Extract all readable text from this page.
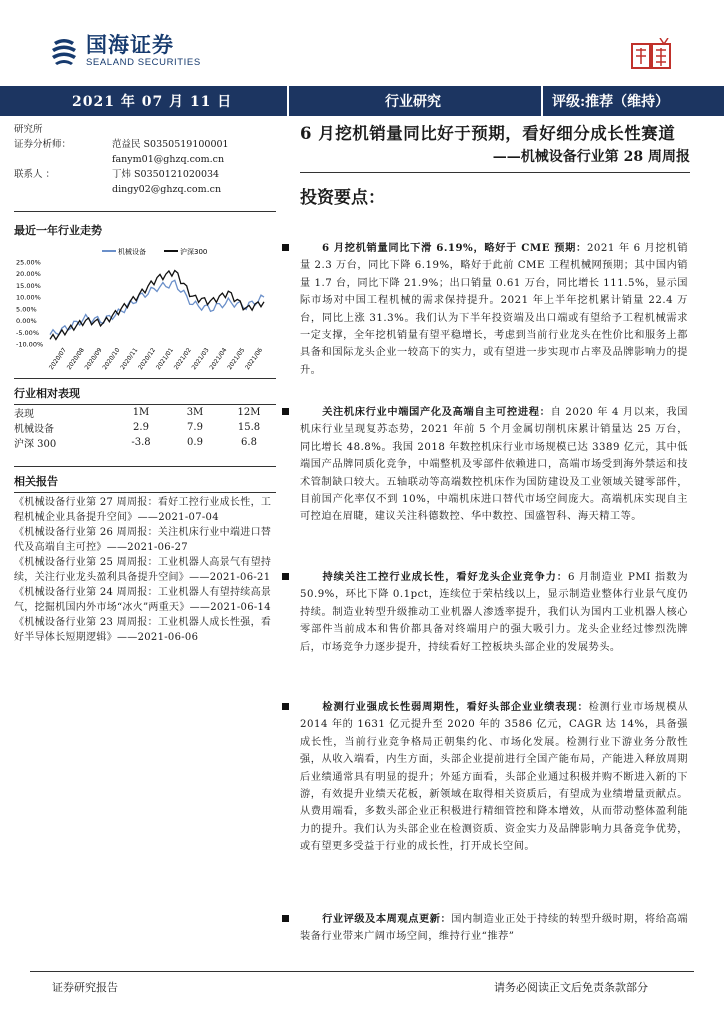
国海证券
SEALAND SECURITIES
2021 年 07 月 11 日	行业研究	评级:推荐（维持）
研究所
证券分析师：	范益民 S0350519100001
fanym01@ghzq.com.cn
联系人 ：	丁炜 S0350121020034
dingy02@ghzq.com.cn
最近一年行业走势
机械设备	沪深300
25.00%
20.00%
15.00%
10.00%
5.00%
0.00%
-5.00%
-10.00%
2020/07
2020/08
2020/09
2020/10
2020/11
2020/12
2021/01
2021/02
2021/03
2021/04
2021/05
2021/06
行业相对表现
表现	1M	3M	12M
机械设备	2.9	7.9	15.8
沪深 300	-3.8	0.9	6.8
相关报告
《机械设备行业第 27 周周报：看好工控行业成长性，工程机械企业具备提升空间》——2021-07-04
《机械设备行业第 26 周周报：关注机床行业中端进口替代及高端自主可控》——2021-06-27
《机械设备行业第 25 周周报：工业机器人高景气有望持续，关注行业龙头盈利具备提升空间》——2021-06-21
《机械设备行业第 24 周周报：工业机器人有望持续高景气，挖掘机国内外市场“冰火”两重天》——2021-06-14
《机械设备行业第 23 周周报：工业机器人成长性强，看好半导体长短期逻辑》——2021-06-06
6 月挖机销量同比好于预期，看好细分成长性赛道
——机械设备行业第 28 周周报
投资要点：
6 月挖机销量同比下滑 6.19%，略好于 CME 预期：2021 年 6 月挖机销量 2.3 万台，同比下降 6.19%，略好于此前 CME 工程机械网预期；其中国内销量 1.7 台，同比下降 21.9%；出口销量 0.61 万台，同比增长 111.5%，显示国际市场对中国工程机械的需求保持提升。2021 年上半年挖机累计销量 22.4 万台，同比上涨 31.3%。我们认为下半年投资端及出口端或有望给予工程机械需求一定支撑，全年挖机销量有望平稳增长，考虑到当前行业龙头在性价比和服务上都具备和国际龙头企业一较高下的实力，或有望进一步实现市占率及品牌影响力的提升。
关注机床行业中端国产化及高端自主可控进程：自 2020 年 4 月以来，我国机床行业呈现复苏态势，2021 年前 5 个月金属切削机床累计销量达 25 万台，同比增长 48.8%。我国 2018 年数控机床行业市场规模已达 3389 亿元，其中低端国产品牌同质化竞争，中端整机及零部件依赖进口，高端市场受到海外禁运和技术管制缺口较大。五轴联动等高端数控机床作为国防建设及工业领域关键零部件，目前国产化率仅不到 10%，中端机床进口替代市场空间庞大。高端机床实现自主可控迫在眉睫，建议关注科德数控、华中数控、国盛智科、海天精工等。
持续关注工控行业成长性，看好龙头企业竞争力：6 月制造业 PMI 指数为 50.9%，环比下降 0.1pct，连续位于荣枯线以上，显示制造业整体行业景气度仍持续。制造业转型升级推动工业机器人渗透率提升，我们认为国内工业机器人核心零部件当前成本和售价都具备对终端用户的强大吸引力。龙头企业经过惨烈洗牌后，市场竞争力逐步提升，持续看好工控板块头部企业的发展势头。
检测行业强成长性弱周期性，看好头部企业业绩表现：检测行业市场规模从 2014 年的 1631 亿元提升至 2020 年的 3586 亿元，CAGR 达 14%，具备强成长性，当前行业竞争格局正朝集约化、市场化发展。检测行业下游业务分散性强，从收入端看，内生方面，头部企业提前进行全国产能布局，产能进入释放周期后业绩通常具有明显的提升；外延方面看，头部企业通过积极并购不断进入新的下游，有效提升业绩天花板，新领域在取得相关资质后，有望成为业绩增量贡献点。从费用端看，多数头部企业正积极进行精细管控和降本增效，从而带动整体盈利能力的提升。我们认为头部企业在检测资质、资金实力及品牌影响力具备竞争优势，或有望更多受益于行业的成长性，打开成长空间。
行业评级及本周观点更新：国内制造业正处于持续的转型升级时期，将给高端装备行业带来广阔市场空间，维持行业“推荐”
证券研究报告	请务必阅读正文后免责条款部分
